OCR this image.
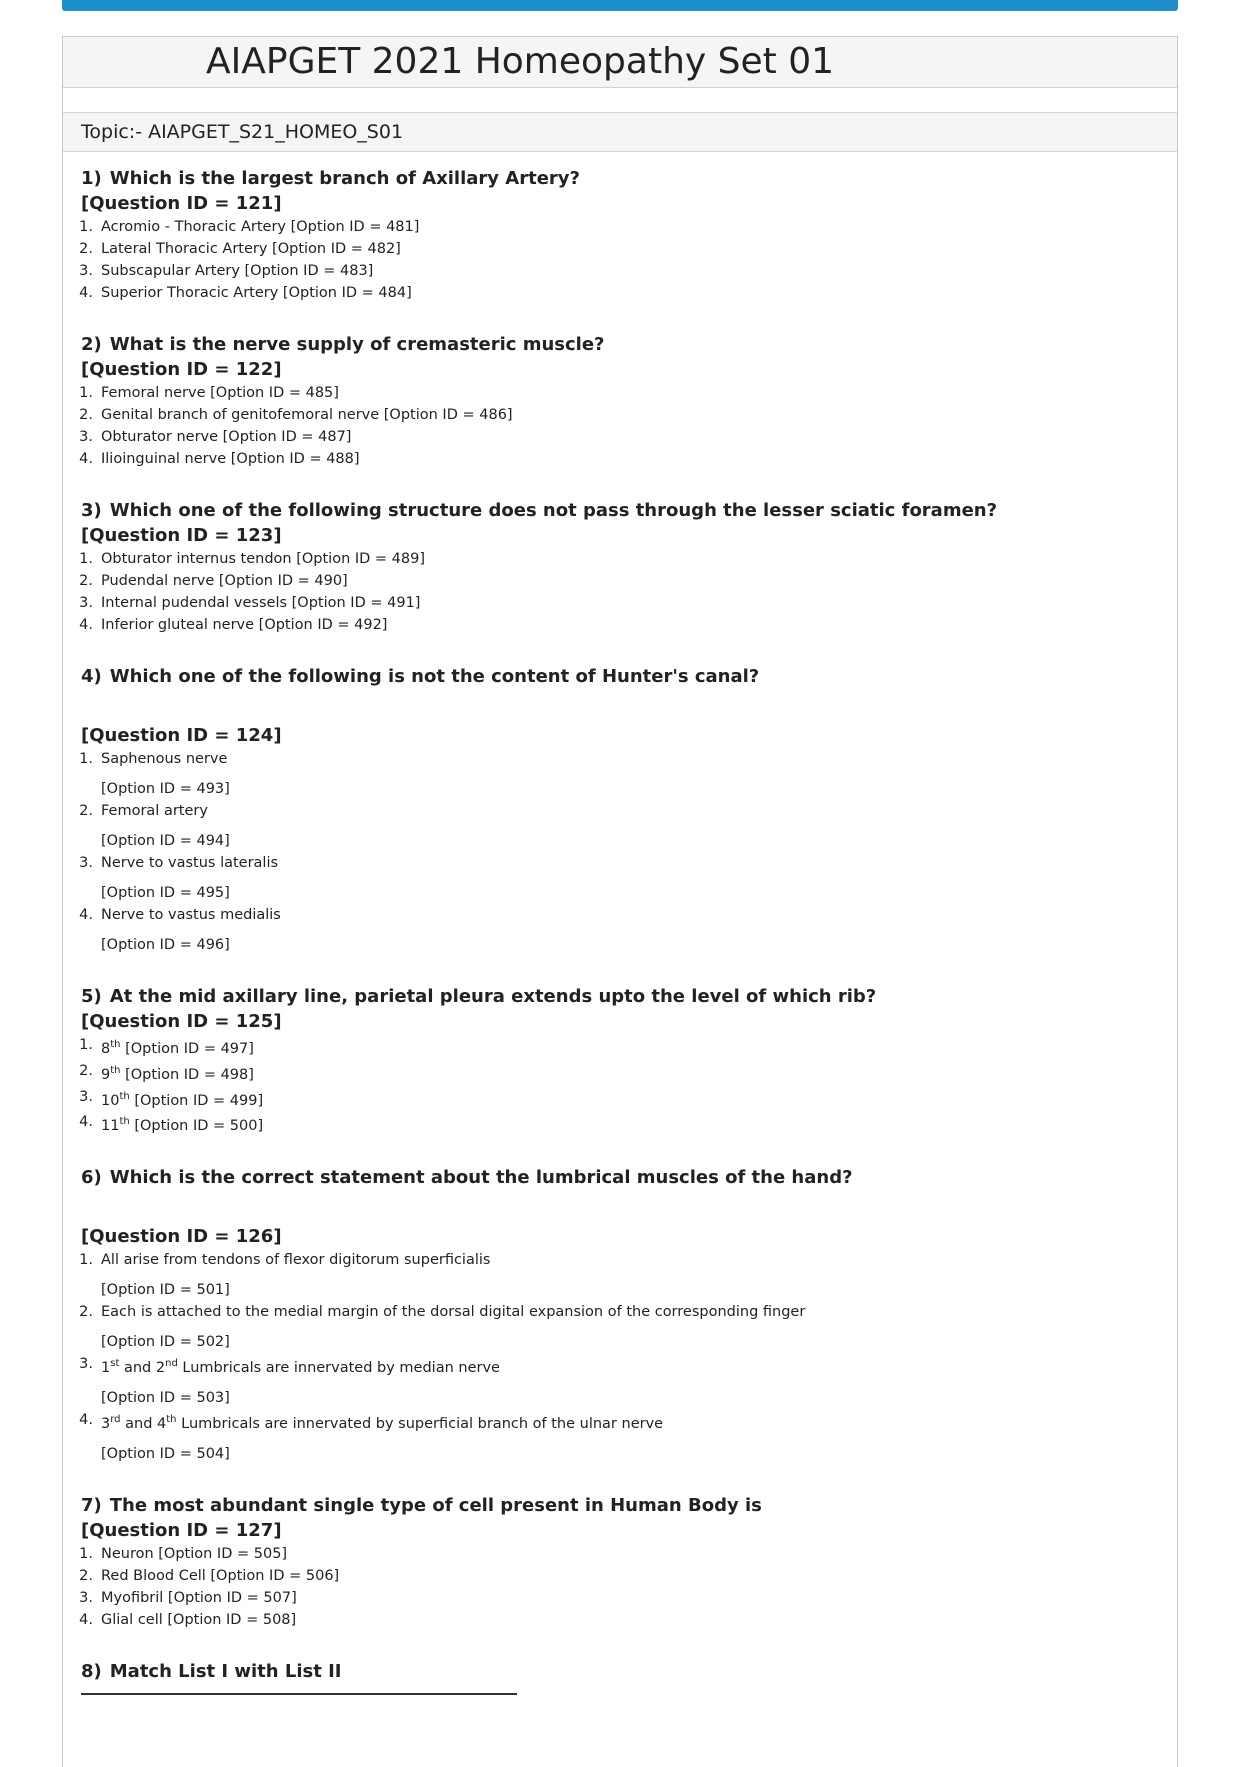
AIAPGET 2021 Homeopathy Set 01
Topic:- AIAPGET_S21_HOMEO_S01
1) Which is the largest branch of Axillary Artery?
[Question ID = 121]
1. Acromio - Thoracic Artery [Option ID = 481]
2. Lateral Thoracic Artery [Option ID = 482]
3. Subscapular Artery [Option ID = 483]
4. Superior Thoracic Artery [Option ID = 484]
2) What is the nerve supply of cremasteric muscle?
[Question ID = 122]
1. Femoral nerve [Option ID = 485]
2. Genital branch of genitofemoral nerve [Option ID = 486]
3. Obturator nerve [Option ID = 487]
4. Ilioinguinal nerve [Option ID = 488]
3) Which one of the following structure does not pass through the lesser sciatic foramen?
[Question ID = 123]
1. Obturator internus tendon [Option ID = 489]
2. Pudendal nerve [Option ID = 490]
3. Internal pudendal vessels [Option ID = 491]
4. Inferior gluteal nerve [Option ID = 492]
4) Which one of the following is not the content of Hunter's canal?
[Question ID = 124]
1. Saphenous nerve
[Option ID = 493]
2. Femoral artery
[Option ID = 494]
3. Nerve to vastus lateralis
[Option ID = 495]
4. Nerve to vastus medialis
[Option ID = 496]
5) At the mid axillary line, parietal pleura extends upto the level of which rib?
[Question ID = 125]
1. 8th [Option ID = 497]
2. 9th [Option ID = 498]
3. 10th [Option ID = 499]
4. 11th [Option ID = 500]
6) Which is the correct statement about the lumbrical muscles of the hand?
[Question ID = 126]
1. All arise from tendons of flexor digitorum superficialis
[Option ID = 501]
2. Each is attached to the medial margin of the dorsal digital expansion of the corresponding finger
[Option ID = 502]
3. 1st and 2nd Lumbricals are innervated by median nerve
[Option ID = 503]
4. 3rd and 4th Lumbricals are innervated by superficial branch of the ulnar nerve
[Option ID = 504]
7) The most abundant single type of cell present in Human Body is
[Question ID = 127]
1. Neuron [Option ID = 505]
2. Red Blood Cell [Option ID = 506]
3. Myofibril [Option ID = 507]
4. Glial cell [Option ID = 508]
8) Match List I with List II
